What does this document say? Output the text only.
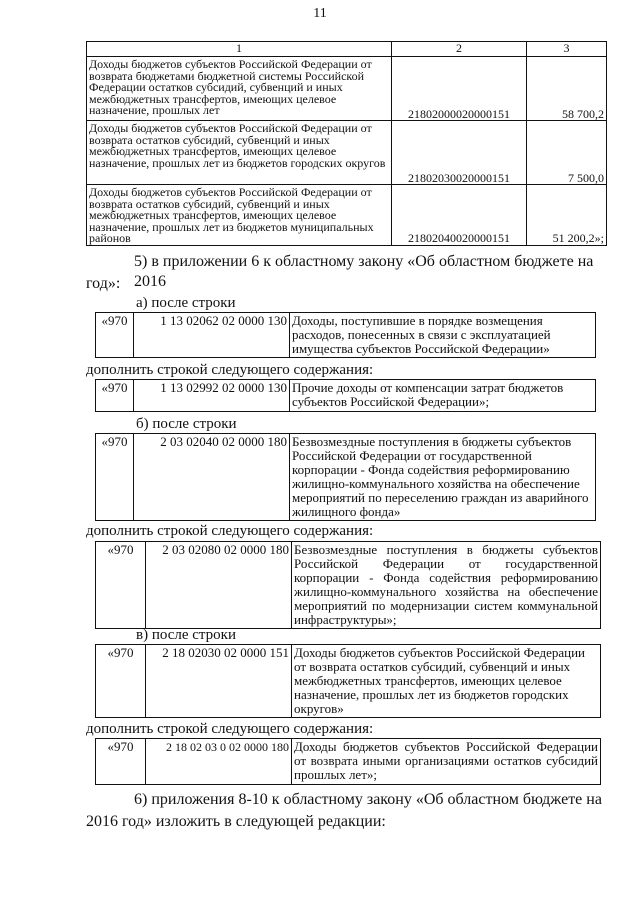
11
1	2	3
Доходы бюджетов субъектов Российской Федерации от возврата бюджетами бюджетной системы Российской Федерации остатков субсидий, субвенций и иных межбюджетных трансфертов, имеющих целевое назначение, прошлых лет	21802000020000151	58 700,2
Доходы бюджетов субъектов Российской Федерации от возврата остатков субсидий, субвенций и иных межбюджетных трансфертов, имеющих целевое назначение, прошлых лет из бюджетов городских округов	21802030020000151	7 500,0
Доходы бюджетов субъектов Российской Федерации от возврата остатков субсидий, субвенций и иных межбюджетных трансфертов, имеющих целевое назначение, прошлых лет из бюджетов муниципальных районов	21802040020000151	51 200,2»;
5) в приложении 6 к областному закону «Об областном бюджете на 2016
год»:
а) после строки
«970	1 13 02062 02 0000 130	Доходы, поступившие в порядке возмещения расходов, понесенных в связи с эксплуатацией имущества субъектов Российской Федерации»
дополнить строкой следующего содержания:
«970	1 13 02992 02 0000 130	Прочие доходы от компенсации затрат бюджетов субъектов Российской Федерации»;
б) после строки
«970	2 03 02040 02 0000 180	Безвозмездные поступления в бюджеты субъектов Российской Федерации от государственной корпорации - Фонда содействия реформированию жилищно-коммунального хозяйства на обеспечение мероприятий по переселению граждан из аварийного жилищного фонда»
дополнить строкой следующего содержания:
«970	2 03 02080 02 0000 180	Безвозмездные поступления в бюджеты субъектов Российской Федерации от государственной корпорации - Фонда содействия реформированию жилищно-коммунального хозяйства на обеспечение мероприятий по модернизации систем коммунальной инфраструктуры»;
в) после строки
«970	2 18 02030 02 0000 151	Доходы бюджетов субъектов Российской Федерации от возврата остатков субсидий, субвенций и иных межбюджетных трансфертов, имеющих целевое назначение, прошлых лет из бюджетов городских округов»
дополнить строкой следующего содержания:
«970	2 18 02 03 0 02 0000 180	Доходы бюджетов субъектов Российской Федерации от возврата иными организациями остатков субсидий прошлых лет»;
6) приложения 8-10 к областному закону «Об областном бюджете на
2016 год» изложить в следующей редакции:
